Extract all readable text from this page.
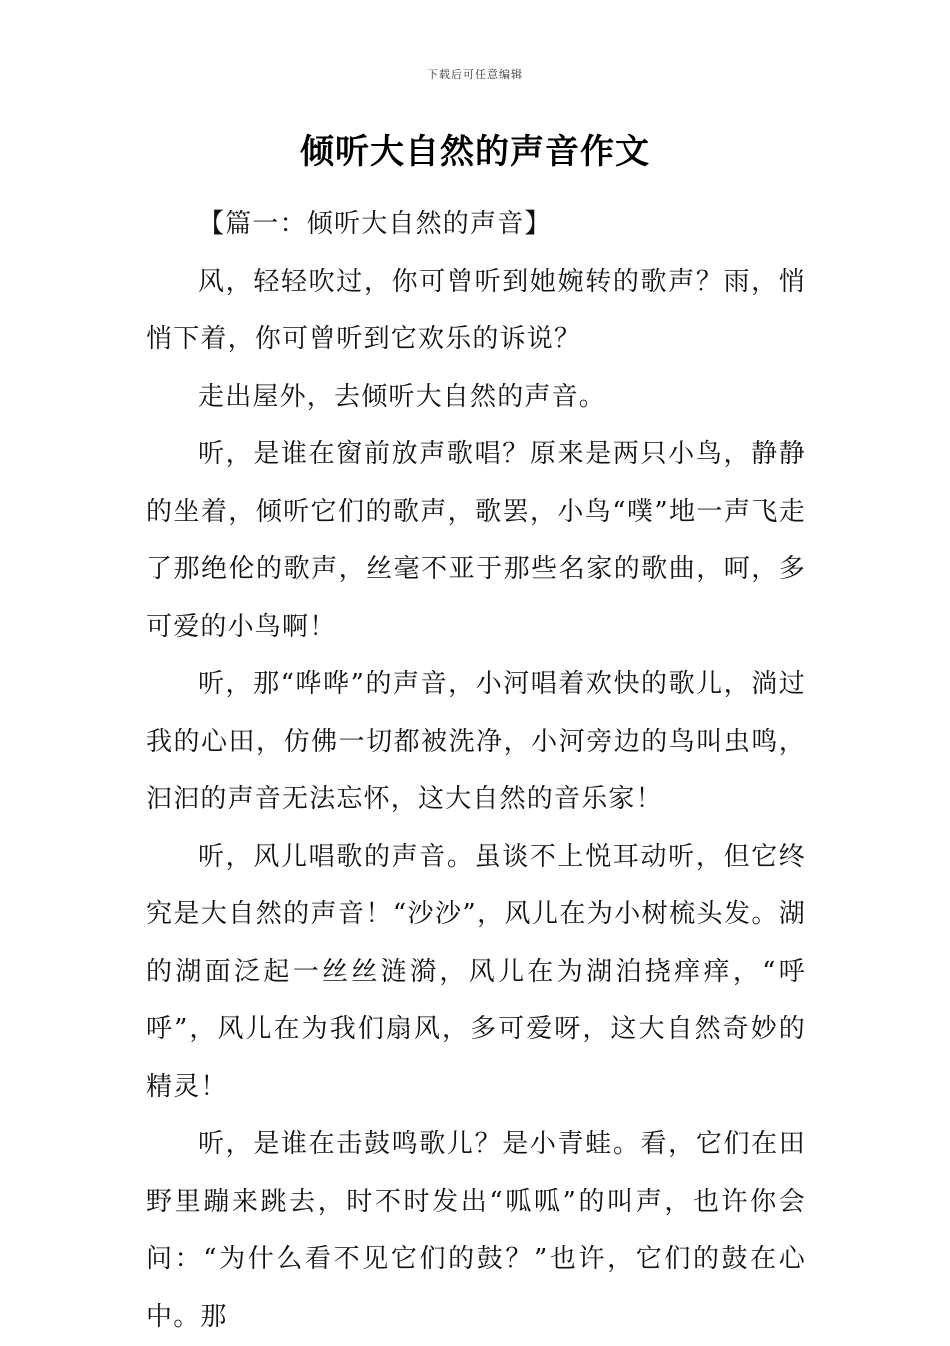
下载后可任意编辑
倾听大自然的声音作文

【篇一：倾听大自然的声音】

风，轻轻吹过，你可曾听到她婉转的歌声？雨，悄悄下着，你可曾听到它欢乐的诉说？

走出屋外，去倾听大自然的声音。

听，是谁在窗前放声歌唱？原来是两只小鸟，静静的坐着，倾听它们的歌声，歌罢，小鸟“噗”地一声飞走了那绝伦的歌声，丝毫不亚于那些名家的歌曲，呵，多可爱的小鸟啊！

听，那“哗哗”的声音，小河唱着欢快的歌儿，淌过我的心田，仿佛一切都被洗净，小河旁边的鸟叫虫鸣，汩汩的声音无法忘怀，这大自然的音乐家！

听，风儿唱歌的声音。虽谈不上悦耳动听，但它终究是大自然的声音！“沙沙”，风儿在为小树梳头发。湖的湖面泛起一丝丝涟漪，风儿在为湖泊挠痒痒，“呼呼”，风儿在为我们扇风，多可爱呀，这大自然奇妙的精灵！

听，是谁在击鼓鸣歌儿？是小青蛙。看，它们在田野里蹦来跳去，时不时发出“呱呱”的叫声，也许你会问：“为什么看不见它们的鼓？”也许，它们的鼓在心中。那
